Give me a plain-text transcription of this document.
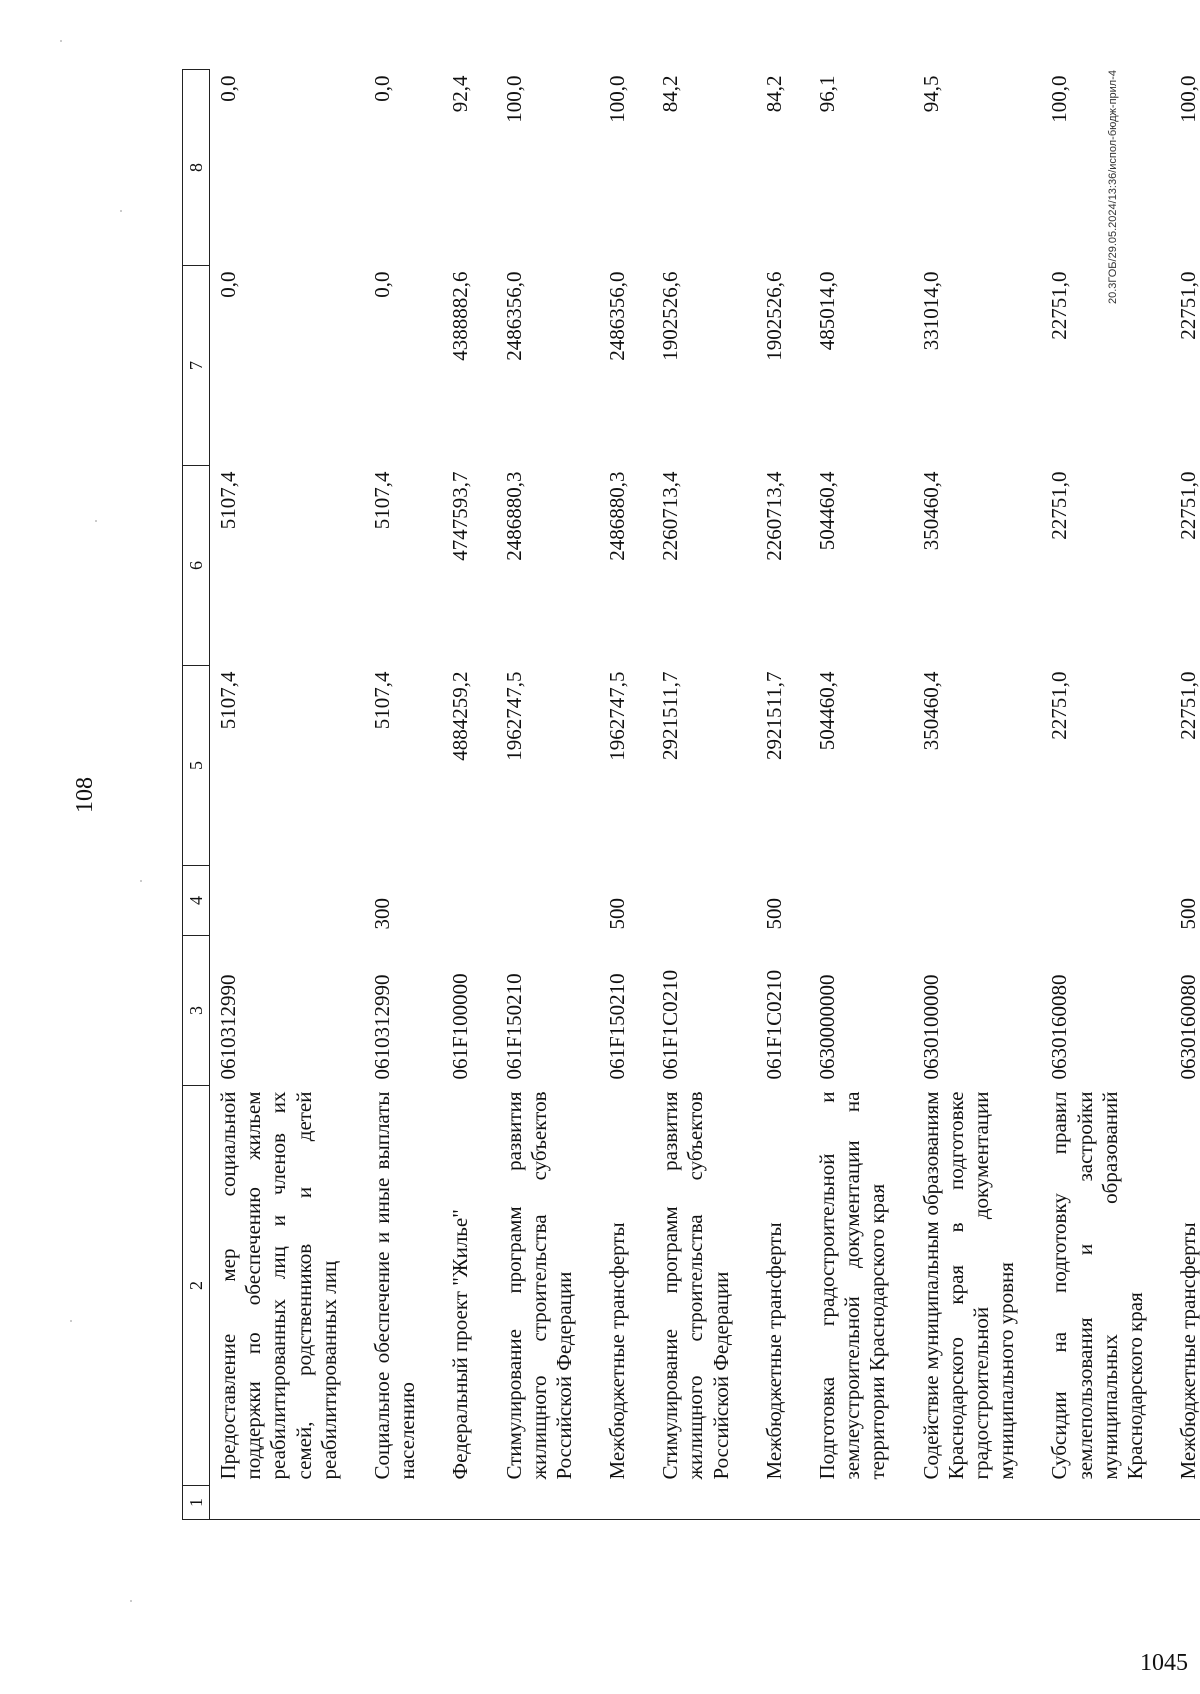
108
1	2	3	4	5	6	7	8
	Предоставление мер социальной поддержки по обеспечению жильем реабилитированных лиц и членов их семей, родственников и детей реабилитированных лиц	0610312990		5107,4	5107,4	0,0	0,0
	Социальное обеспечение и иные выплаты населению	0610312990	300	5107,4	5107,4	0,0	0,0
	Федеральный проект "Жилье"	061F100000		4884259,2	4747593,7	4388882,6	92,4
	Стимулирование программ развития жилищного строительства субъектов Российской Федерации	061F150210		1962747,5	2486880,3	2486356,0	100,0
	Межбюджетные трансферты	061F150210	500	1962747,5	2486880,3	2486356,0	100,0
	Стимулирование программ развития жилищного строительства субъектов Российской Федерации	061F1C0210		2921511,7	2260713,4	1902526,6	84,2
	Межбюджетные трансферты	061F1C0210	500	2921511,7	2260713,4	1902526,6	84,2
	Подготовка градостроительной и землеустроительной документации на территории Краснодарского края	0630000000		504460,4	504460,4	485014,0	96,1
	Содействие муниципальным образованиям Краснодарского края в подготовке градостроительной документации муниципального уровня	0630100000		350460,4	350460,4	331014,0	94,5
	Субсидии на подготовку правил землепользования и застройки муниципальных образований Краснодарского края	0630160080		22751,0	22751,0	22751,0	100,0
	Межбюджетные трансферты	0630160080	500	22751,0	22751,0	22751,0	100,0
20.3ГОБ/29.05.2024/13:36/испол-бюдж-прил-4
1045
